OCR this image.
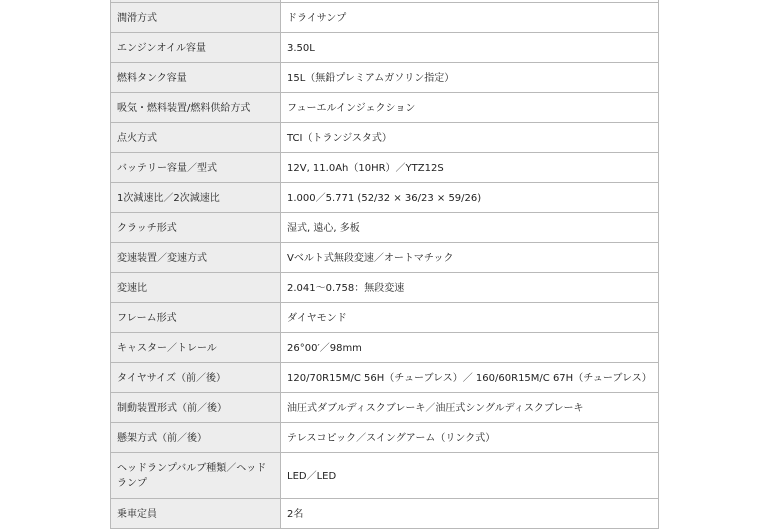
潤滑方式	ドライサンプ
エンジンオイル容量	3.50L
燃料タンク容量	15L（無鉛プレミアムガソリン指定）
吸気・燃料装置/燃料供給方式	フューエルインジェクション
点火方式	TCI（トランジスタ式）
バッテリー容量／型式	12V, 11.0Ah（10HR）／YTZ12S
1次減速比／2次減速比	1.000／5.771 (52/32 × 36/23 × 59/26)
クラッチ形式	湿式, 遠心, 多板
変速装置／変速方式	Vベルト式無段変速／オートマチック
変速比	2.041～0.758：無段変速
フレーム形式	ダイヤモンド
キャスター／トレール	26°00′／98mm
タイヤサイズ（前／後）	120/70R15M/C 56H（チューブレス）／ 160/60R15M/C 67H（チューブレス）
制動装置形式（前／後）	油圧式ダブルディスクブレーキ／油圧式シングルディスクブレーキ
懸架方式（前／後）	テレスコピック／スイングアーム（リンク式）
ヘッドランプバルブ種類／ヘッドランプ	LED／LED
乗車定員	2名
